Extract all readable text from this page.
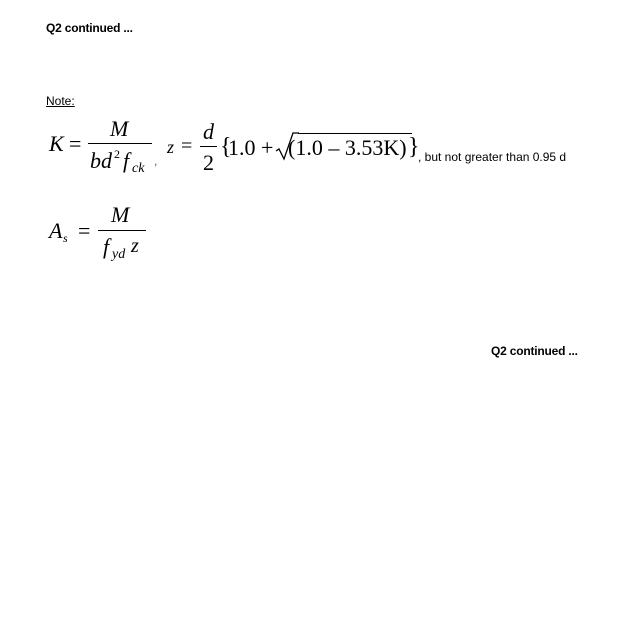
Q2 continued ...
Note:
K =
M
bd 2 f ck ,
z =
d
2
{
1.0 + (1.0 – 3.53K) }
, but not greater than 0.95 d
A s =
M
f yd z
Q2 continued ...
